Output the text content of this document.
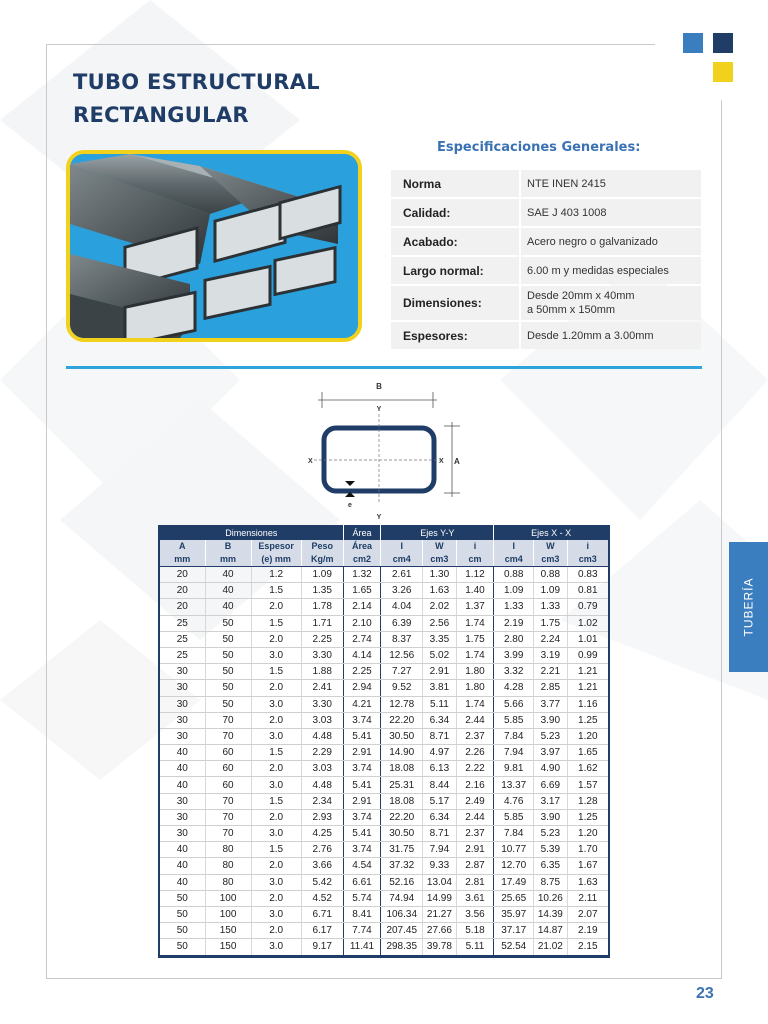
TUBO ESTRUCTURAL
RECTANGULAR
Especificaciones Generales:
Norma	NTE INEN 2415
Calidad:	SAE J 403 1008
Acabado:	Acero negro o galvanizado
Largo normal:	6.00 m y medidas especiales
Dimensiones:	Desde 20mm x 40mm
a 50mm x 150mm
Espesores:	Desde 1.20mm a 3.00mm
B
Y
X	X A
e
Y
Dimensiones				Área	Ejes Y-Y			Ejes X - X		
A	B	Espesor	Peso	Área	I	W	i	I	W	i
mm	mm	(e) mm	Kg/m	cm2	cm4	cm3	cm	cm4	cm3	cm3
20	40	1.2	1.09	1.32	2.61	1.30	1.12	0.88	0.88	0.83
20	40	1.5	1.35	1.65	3.26	1.63	1.40	1.09	1.09	0.81
20	40	2.0	1.78	2.14	4.04	2.02	1.37	1.33	1.33	0.79
25	50	1.5	1.71	2.10	6.39	2.56	1.74	2.19	1.75	1.02
25	50	2.0	2.25	2.74	8.37	3.35	1.75	2.80	2.24	1.01
25	50	3.0	3.30	4.14	12.56	5.02	1.74	3.99	3.19	0.99
30	50	1.5	1.88	2.25	7.27	2.91	1.80	3.32	2.21	1.21
30	50	2.0	2.41	2.94	9.52	3.81	1.80	4.28	2.85	1.21
30	50	3.0	3.30	4.21	12.78	5.11	1.74	5.66	3.77	1.16
30	70	2.0	3.03	3.74	22.20	6.34	2.44	5.85	3.90	1.25
30	70	3.0	4.48	5.41	30.50	8.71	2.37	7.84	5.23	1.20
40	60	1.5	2.29	2.91	14.90	4.97	2.26	7.94	3.97	1.65
40	60	2.0	3.03	3.74	18.08	6.13	2.22	9.81	4.90	1.62
40	60	3.0	4.48	5.41	25.31	8.44	2.16	13.37	6.69	1.57
30	70	1.5	2.34	2.91	18.08	5.17	2.49	4.76	3.17	1.28
30	70	2.0	2.93	3.74	22.20	6.34	2.44	5.85	3.90	1.25
30	70	3.0	4.25	5.41	30.50	8.71	2.37	7.84	5.23	1.20
40	80	1.5	2.76	3.74	31.75	7.94	2.91	10.77	5.39	1.70
40	80	2.0	3.66	4.54	37.32	9.33	2.87	12.70	6.35	1.67
40	80	3.0	5.42	6.61	52.16	13.04	2.81	17.49	8.75	1.63
50	100	2.0	4.52	5.74	74.94	14.99	3.61	25.65	10.26	2.11
50	100	3.0	6.71	8.41	106.34	21.27	3.56	35.97	14.39	2.07
50	150	2.0	6.17	7.74	207.45	27.66	5.18	37.17	14.87	2.19
50	150	3.0	9.17	11.41	298.35	39.78	5.11	52.54	21.02	2.15
TUBERÍA
23
